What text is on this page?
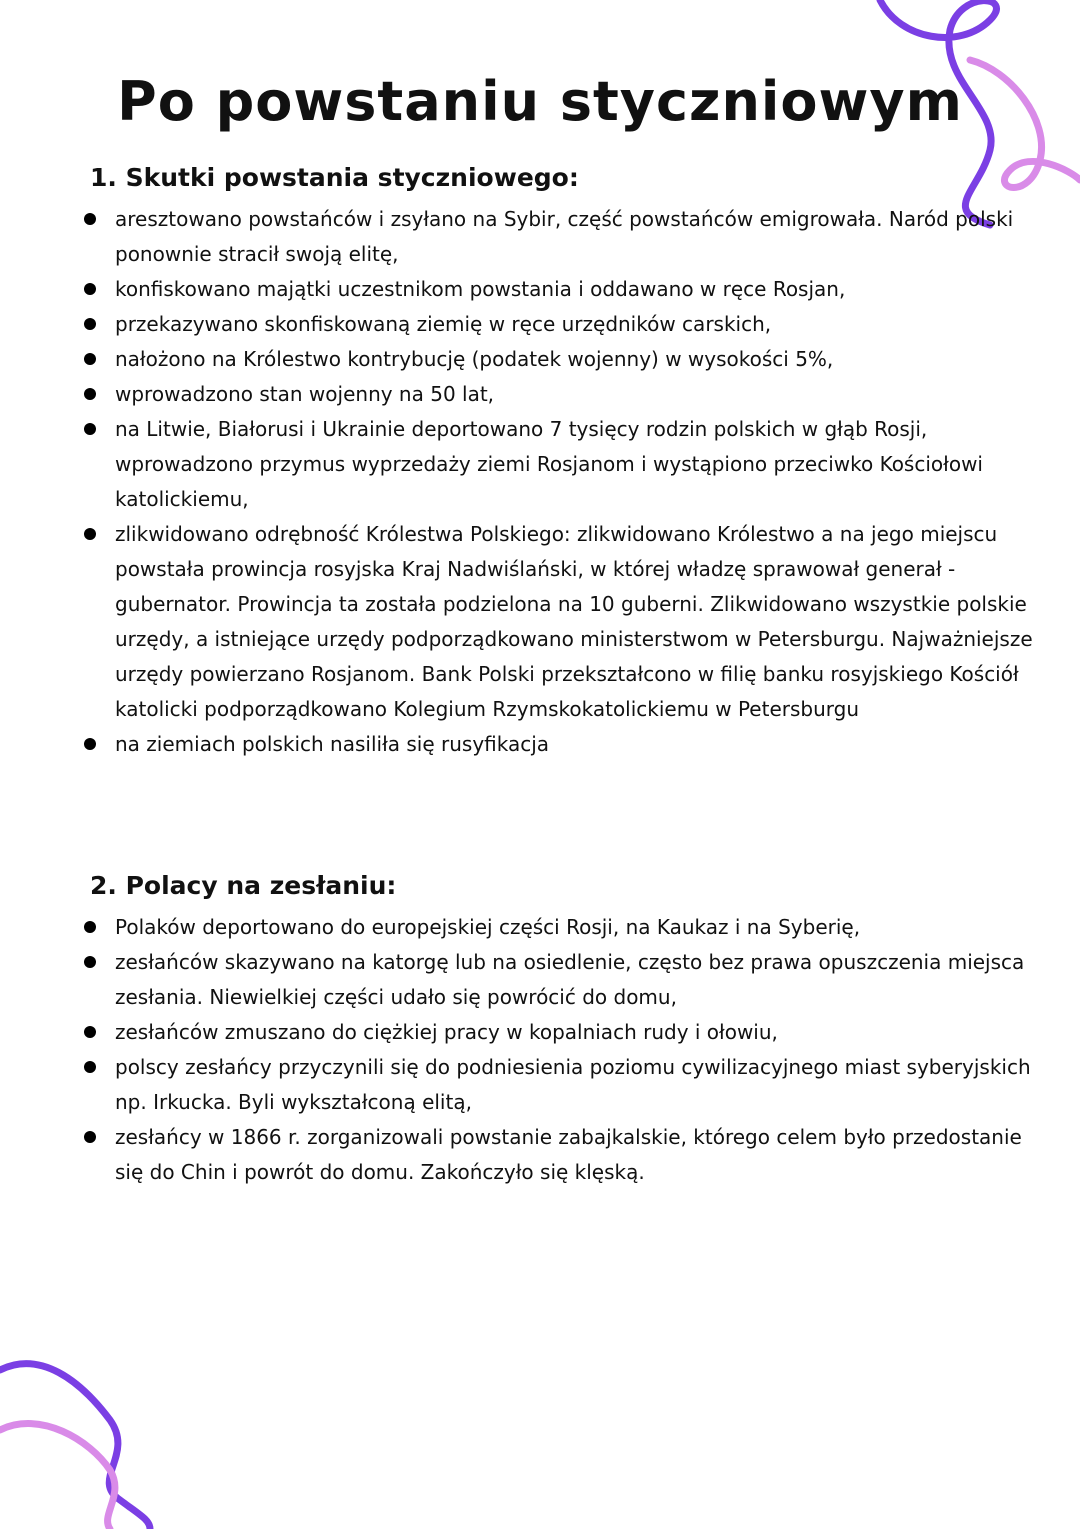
Po powstaniu styczniowym
1. Skutki powstania styczniowego:
aresztowano powstańców i zsyłano na Sybir, część powstańców emigrowała. Naród polski ponownie stracił swoją elitę,
konfiskowano majątki uczestnikom powstania i oddawano w ręce Rosjan,
przekazywano skonfiskowaną ziemię w ręce urzędników carskich,
nałożono na Królestwo kontrybucję (podatek wojenny) w wysokości 5%,
wprowadzono stan wojenny na 50 lat,
na Litwie, Białorusi i Ukrainie deportowano 7 tysięcy rodzin polskich w głąb Rosji, wprowadzono przymus wyprzedaży ziemi Rosjanom i wystąpiono przeciwko Kościołowi katolickiemu,
zlikwidowano odrębność Królestwa Polskiego: zlikwidowano Królestwo a na jego miejscu powstała prowincja rosyjska Kraj Nadwiślański, w której władzę sprawował generał - gubernator. Prowincja ta została podzielona na 10 guberni. Zlikwidowano wszystkie polskie urzędy, a istniejące urzędy podporządkowano ministerstwom w Petersburgu. Najważniejsze urzędy powierzano Rosjanom. Bank Polski przekształcono w filię banku rosyjskiego Kościół katolicki podporządkowano Kolegium Rzymskokatolickiemu w Petersburgu
na ziemiach polskich nasiliła się rusyfikacja
2. Polacy na zesłaniu:
Polaków deportowano do europejskiej części Rosji, na Kaukaz i na Syberię,
zesłańców skazywano na katorgę lub na osiedlenie, często bez prawa opuszczenia miejsca zesłania. Niewielkiej części udało się powrócić do domu,
zesłańców zmuszano do ciężkiej pracy w kopalniach rudy i ołowiu,
polscy zesłańcy przyczynili się do podniesienia poziomu cywilizacyjnego miast syberyjskich np. Irkucka. Byli wykształconą elitą,
zesłańcy w 1866 r. zorganizowali powstanie zabajkalskie, którego celem było przedostanie się do Chin i powrót do domu. Zakończyło się klęską.
